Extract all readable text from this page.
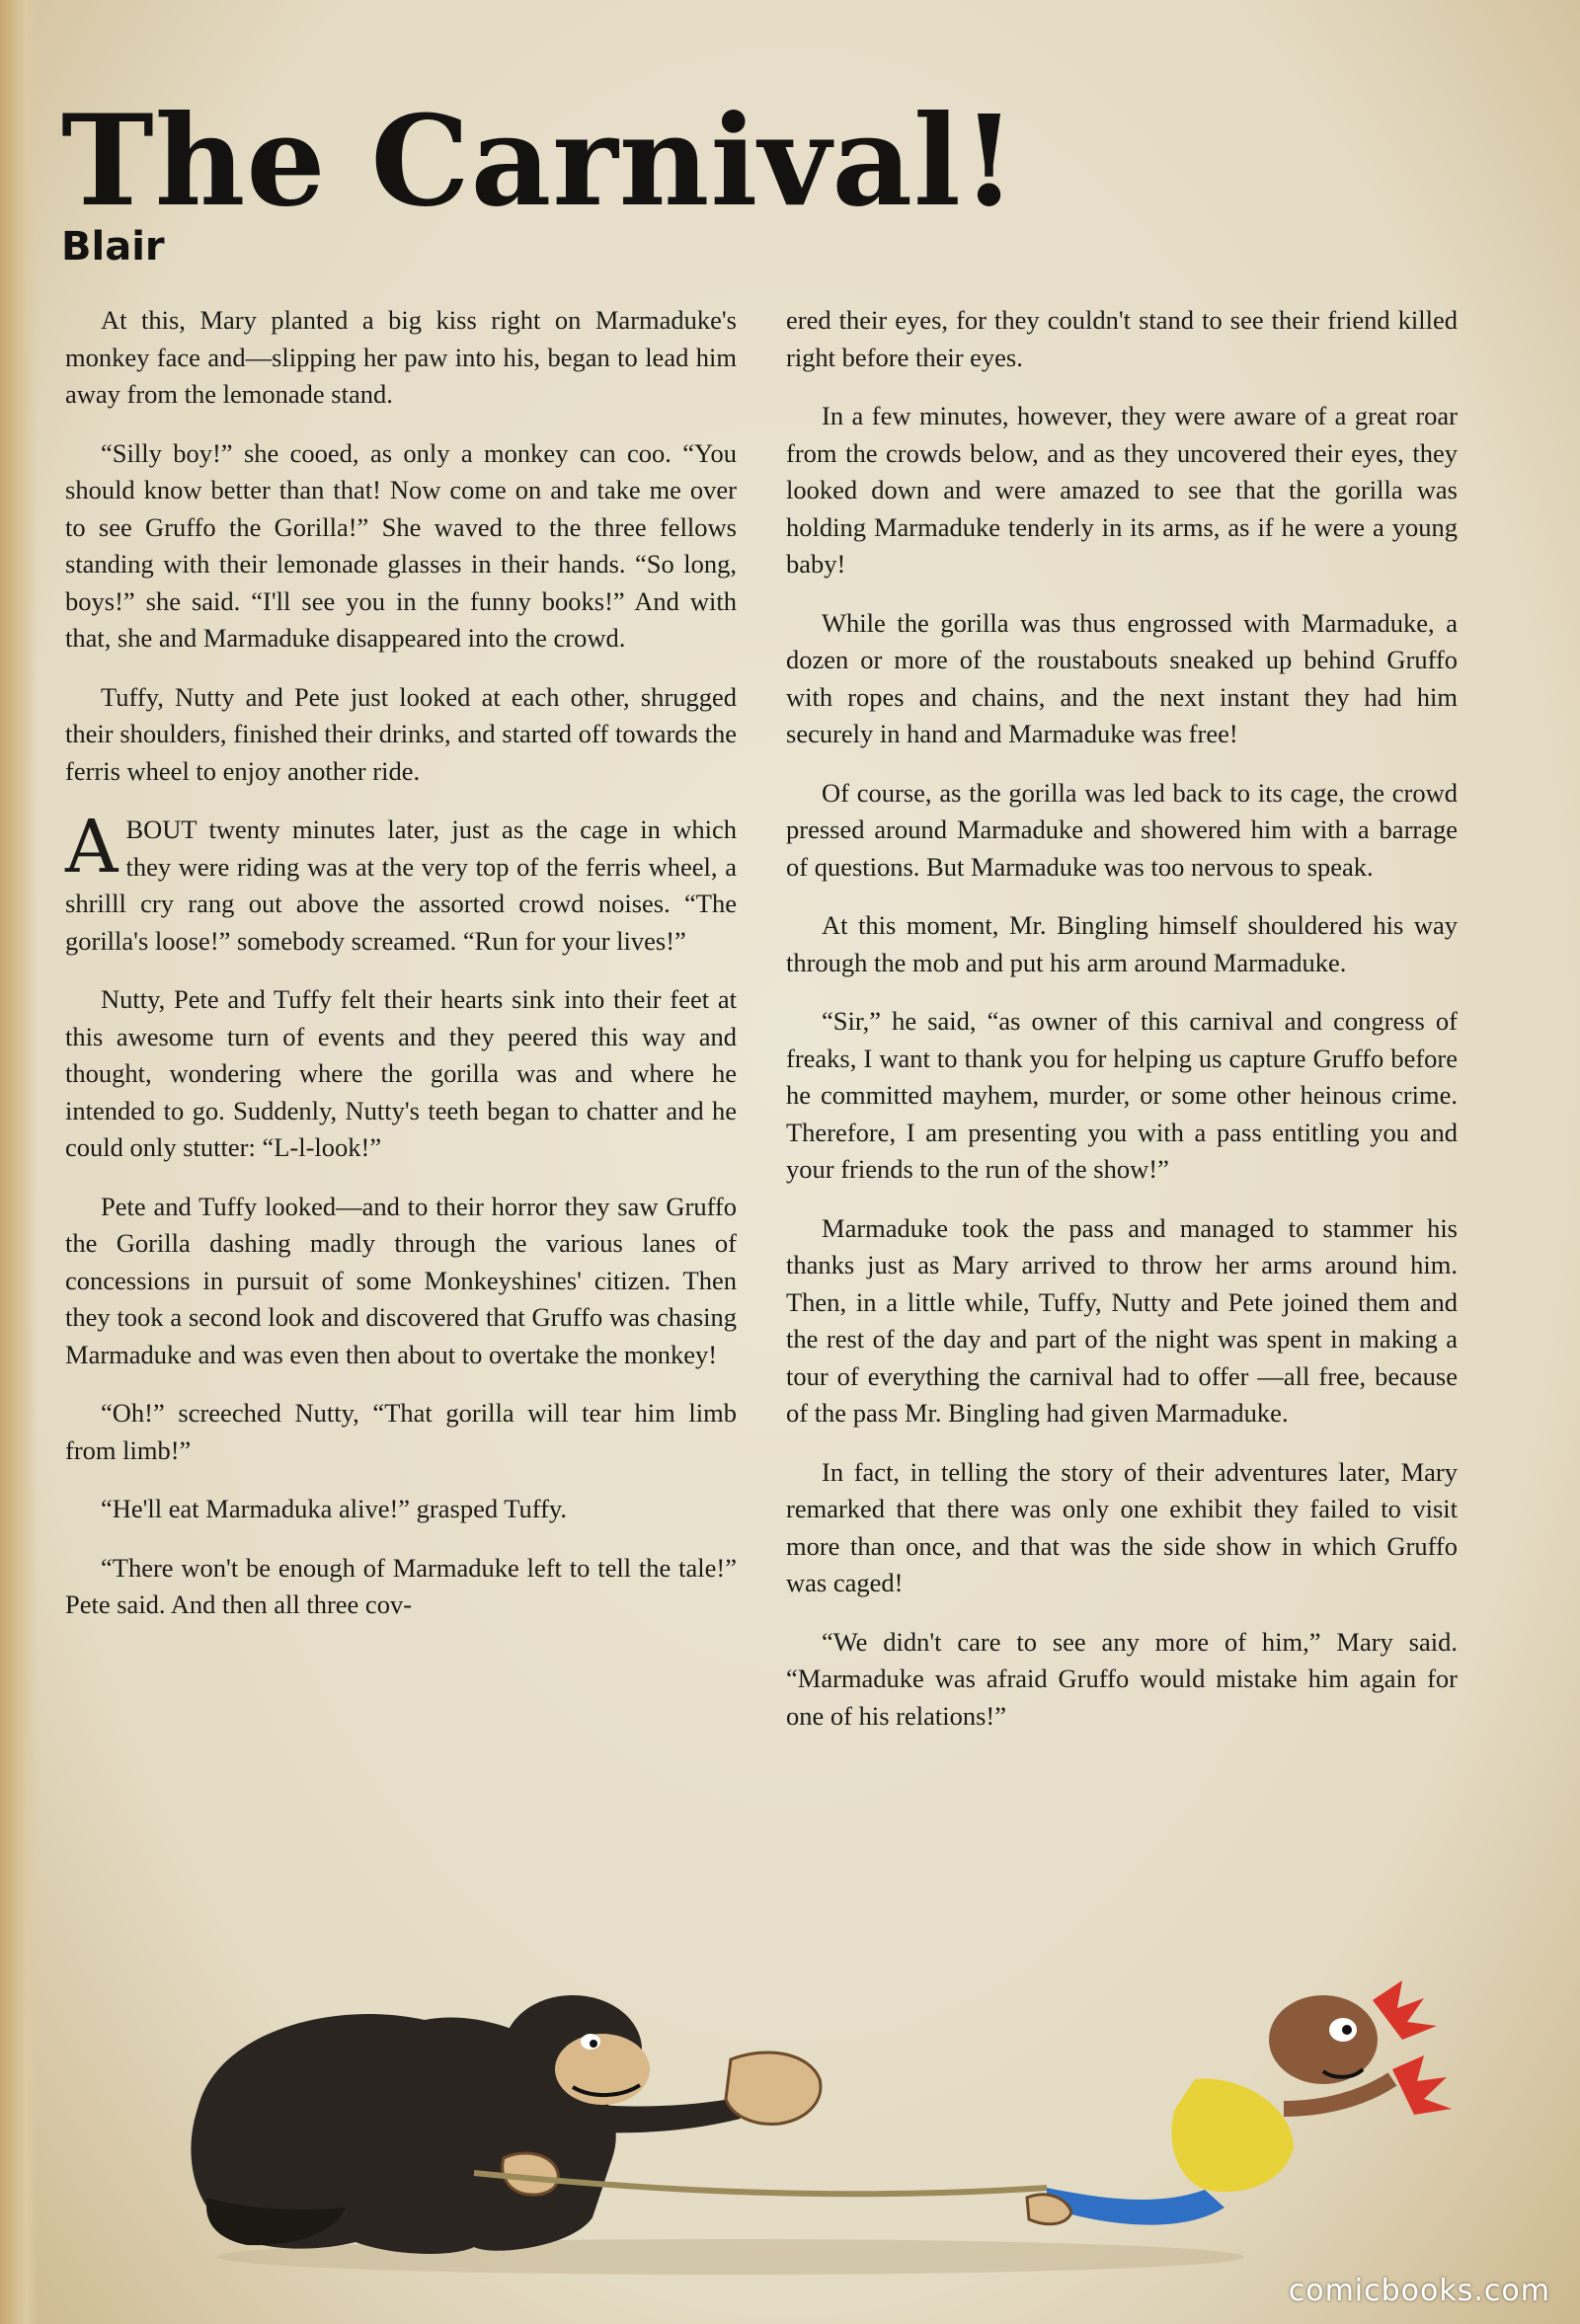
The Carnival!
Blair

At this, Mary planted a big kiss right on Marmaduke's monkey face and—slipping her paw into his, began to lead him away from the lemonade stand.

“Silly boy!” she cooed, as only a monkey can coo. “You should know better than that! Now come on and take me over to see Gruffo the Gorilla!” She waved to the three fellows standing with their lemonade glasses in their hands. “So long, boys!” she said. “I'll see you in the funny books!” And with that, she and Marmaduke disappeared into the crowd.

Tuffy, Nutty and Pete just looked at each other, shrugged their shoulders, finished their drinks, and started off towards the ferris wheel to enjoy another ride.

ABOUT twenty minutes later, just as the cage in which they were riding was at the very top of the ferris wheel, a shrilll cry rang out above the assorted crowd noises. “The gorilla's loose!” somebody screamed. “Run for your lives!”

Nutty, Pete and Tuffy felt their hearts sink into their feet at this awesome turn of events and they peered this way and thought, wondering where the gorilla was and where he intended to go. Suddenly, Nutty's teeth began to chatter and he could only stutter: “L-l-look!”

Pete and Tuffy looked—and to their horror they saw Gruffo the Gorilla dashing madly through the various lanes of concessions in pursuit of some Monkeyshines' citizen. Then they took a second look and discovered that Gruffo was chasing Marmaduke and was even then about to overtake the monkey!

“Oh!” screeched Nutty, “That gorilla will tear him limb from limb!”

“He'll eat Marmaduka alive!” grasped Tuffy.

“There won't be enough of Marmaduke left to tell the tale!” Pete said. And then all three cov-

ered their eyes, for they couldn't stand to see their friend killed right before their eyes.

In a few minutes, however, they were aware of a great roar from the crowds below, and as they uncovered their eyes, they looked down and were amazed to see that the gorilla was holding Marmaduke tenderly in its arms, as if he were a young baby!

While the gorilla was thus engrossed with Marmaduke, a dozen or more of the roustabouts sneaked up behind Gruffo with ropes and chains, and the next instant they had him securely in hand and Marmaduke was free!

Of course, as the gorilla was led back to its cage, the crowd pressed around Marmaduke and showered him with a barrage of questions. But Marmaduke was too nervous to speak.

At this moment, Mr. Bingling himself shouldered his way through the mob and put his arm around Marmaduke.

“Sir,” he said, “as owner of this carnival and congress of freaks, I want to thank you for helping us capture Gruffo before he committed mayhem, murder, or some other heinous crime. Therefore, I am presenting you with a pass entitling you and your friends to the run of the show!”

Marmaduke took the pass and managed to stammer his thanks just as Mary arrived to throw her arms around him. Then, in a little while, Tuffy, Nutty and Pete joined them and the rest of the day and part of the night was spent in making a tour of everything the carnival had to offer —all free, because of the pass Mr. Bingling had given Marmaduke.

In fact, in telling the story of their adventures later, Mary remarked that there was only one exhibit they failed to visit more than once, and that was the side show in which Gruffo was caged!

“We didn't care to see any more of him,” Mary said. “Marmaduke was afraid Gruffo would mistake him again for one of his relations!”

comicbooks.com
